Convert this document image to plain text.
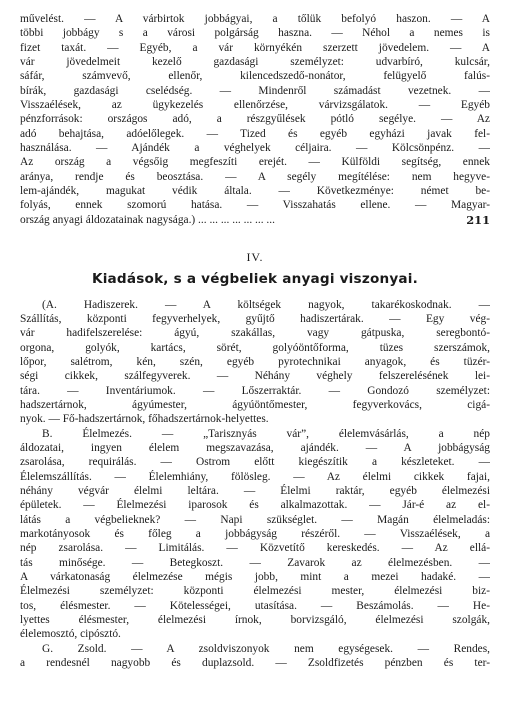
művelést. — A várbirtok jobbágyai, a tőlük befolyó haszon. — A
többi jobbágy s a városi polgárság haszna. — Néhol a nemes is
fizet taxát. — Egyéb, a vár környékén szerzett jövedelem. — A
vár jövedelmeit kezelő gazdasági személyzet: udvarbíró, kulcsár,
sáfár, számvevő, ellenőr, kilencedszedő-nonátor, felügyelő falús-
bírák, gazdasági cselédség. — Mindenről számadást vezetnek. —
Visszaélések, az ügykezelés ellenőrzése, várvizsgálatok. — Egyéb
pénzforrások: országos adó, a részgyűlések pótló segélye. — Az
adó behajtása, adóelőlegek. — Tized és egyéb egyházi javak fel-
használása. — Ajándék a véghelyek céljaira. — Kölcsönpénz. —
Az ország a végsőig megfeszíti erejét. — Külföldi segítség, ennek
aránya, rendje és beosztása. — A segély megítélése: nem hegyve-
lem-ajándék, magukat védik általa. — Következménye: német be-
folyás, ennek szomorú hatása. — Visszahatás ellene. — Magyar-
ország anyagi áldozatainak nagysága.) ... ... ... ... ... ... ...	211
IV.
Kiadások, s a végbeliek anyagi viszonyai.
(A. Hadiszerek. — A költségek nagyok, takarékoskodnak. —
Szállítás, központi fegyverhelyek, gyűjtő hadiszertárak. — Egy vég-
vár hadifelszerelése: ágyú, szakállas, vagy gátpuska, seregbontó-
orgona, golyók, kartács, sörét, golyóöntőforma, tüzes szerszámok,
lőpor, salétrom, kén, szén, egyéb pyrotechnikai anyagok, és tüzér-
ségi cikkek, szálfegyverek. — Néhány véghely felszerelésének lei-
tára. — Inventáriumok. — Lőszerraktár. — Gondozó személyzet:
hadszertárnok, ágyúmester, ágyúöntőmester, fegyverkovács, cigá-
nyok. — Fő-hadszertárnok, főhadszertárnok-helyettes.
B. Élelmezés. — „Tarisznyás vár”, élelemvásárlás, a nép
áldozatai, ingyen élelem megszavazása, ajándék. — A jobbágyság
zsarolása, requirálás. — Ostrom előtt kiegészítik a készleteket. —
Élelemszállítás. — Élelemhiány, fölösleg. — Az élelmi cikkek fajai,
néhány végvár élelmi leltára. — Élelmi raktár, egyéb élelmezési
épületek. — Élelmezési iparosok és alkalmazottak. — Jár-é az el-
látás a végbelieknek? — Napi szükséglet. — Magán élelmeladás:
markotányosok és főleg a jobbágyság részéről. — Visszaélések, a
nép zsarolása. — Limitálás. — Közvetítő kereskedés. — Az ellá-
tás minősége. — Betegkoszt. — Zavarok az élelmezésben. —
A várkatonaság élelmezése mégis jobb, mint a mezei hadaké. —
Élelmezési személyzet: központi élelmezési mester, élelmezési biz-
tos, élésmester. — Kötelességei, utasítása. — Beszámolás. — He-
lyettes élésmester, élelmezési írnok, borvizsgáló, élelmezési szolgák,
élelemosztó, cipósztó.
G. Zsold. — A zsoldviszonyok nem egységesek. — Rendes,
a rendesnél nagyobb és duplazsold. — Zsoldfizetés pénzben és ter-
